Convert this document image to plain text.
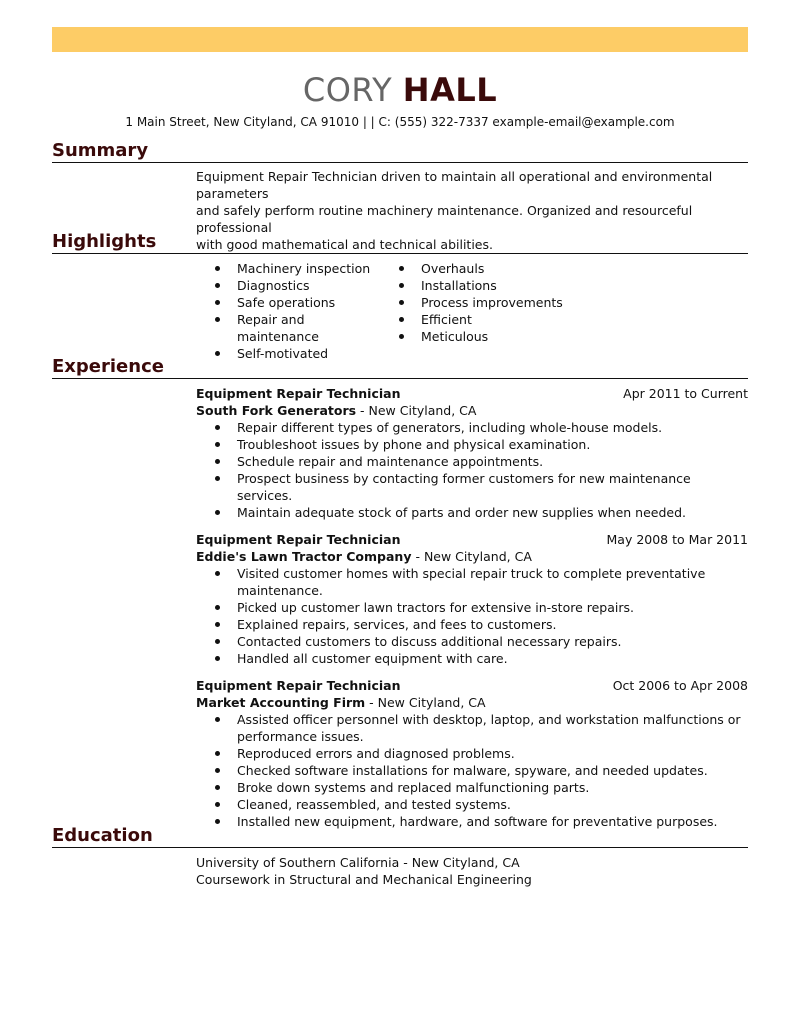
CORY HALL
1 Main Street, New Cityland, CA 91010 | | C: (555) 322-7337 example-email@example.com
Summary
Equipment Repair Technician driven to maintain all operational and environmental parameters
and safely perform routine machinery maintenance. Organized and resourceful professional
with good mathematical and technical abilities.
Highlights
Machinery inspection
Diagnostics
Safe operations
Repair and maintenance
Self-motivated
Overhauls
Installations
Process improvements
Efficient
Meticulous
Experience
Equipment Repair Technician	Apr 2011 to Current
South Fork Generators - New Cityland, CA
Repair different types of generators, including whole-house models.
Troubleshoot issues by phone and physical examination.
Schedule repair and maintenance appointments.
Prospect business by contacting former customers for new maintenance services.
Maintain adequate stock of parts and order new supplies when needed.
Equipment Repair Technician	May 2008 to Mar 2011
Eddie's Lawn Tractor Company - New Cityland, CA
Visited customer homes with special repair truck to complete preventative maintenance.
Picked up customer lawn tractors for extensive in-store repairs.
Explained repairs, services, and fees to customers.
Contacted customers to discuss additional necessary repairs.
Handled all customer equipment with care.
Equipment Repair Technician	Oct 2006 to Apr 2008
Market Accounting Firm - New Cityland, CA
Assisted officer personnel with desktop, laptop, and workstation malfunctions or performance issues.
Reproduced errors and diagnosed problems.
Checked software installations for malware, spyware, and needed updates.
Broke down systems and replaced malfunctioning parts.
Cleaned, reassembled, and tested systems.
Installed new equipment, hardware, and software for preventative purposes.
Education
University of Southern California - New Cityland, CA
Coursework in Structural and Mechanical Engineering
